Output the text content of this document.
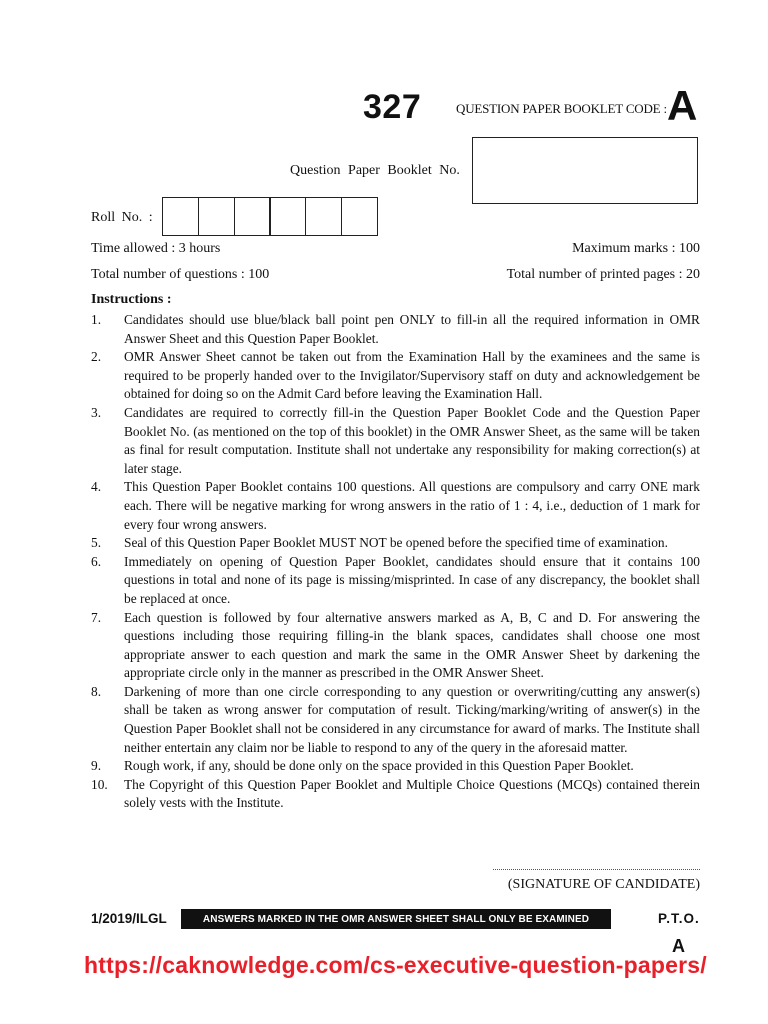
327	QUESTION PAPER BOOKLET CODE : A
Question Paper Booklet No.
Roll No. :
Time allowed : 3 hours	Maximum marks : 100
Total number of questions : 100	Total number of printed pages : 20
Instructions :
1.	Candidates should use blue/black ball point pen ONLY to fill-in all the required information in OMR Answer Sheet and this Question Paper Booklet.
2.	OMR Answer Sheet cannot be taken out from the Examination Hall by the examinees and the same is required to be properly handed over to the Invigilator/Supervisory staff on duty and acknowledgement be obtained for doing so on the Admit Card before leaving the Examination Hall.
3.	Candidates are required to correctly fill-in the Question Paper Booklet Code and the Question Paper Booklet No. (as mentioned on the top of this booklet) in the OMR Answer Sheet, as the same will be taken as final for result computation. Institute shall not undertake any responsibility for making correction(s) at later stage.
4.	This Question Paper Booklet contains 100 questions. All questions are compulsory and carry ONE mark each. There will be negative marking for wrong answers in the ratio of 1 : 4, i.e., deduction of 1 mark for every four wrong answers.
5.	Seal of this Question Paper Booklet MUST NOT be opened before the specified time of examination.
6.	Immediately on opening of Question Paper Booklet, candidates should ensure that it contains 100 questions in total and none of its page is missing/misprinted. In case of any discrepancy, the booklet shall be replaced at once.
7.	Each question is followed by four alternative answers marked as A, B, C and D. For answering the questions including those requiring filling-in the blank spaces, candidates shall choose one most appropriate answer to each question and mark the same in the OMR Answer Sheet by darkening the appropriate circle only in the manner as prescribed in the OMR Answer Sheet.
8.	Darkening of more than one circle corresponding to any question or overwriting/cutting any answer(s) shall be taken as wrong answer for computation of result. Ticking/marking/writing of answer(s) in the Question Paper Booklet shall not be considered in any circumstance for award of marks. The Institute shall neither entertain any claim nor be liable to respond to any of the query in the aforesaid matter.
9.	Rough work, if any, should be done only on the space provided in this Question Paper Booklet.
10.	The Copyright of this Question Paper Booklet and Multiple Choice Questions (MCQs) contained therein solely vests with the Institute.
(SIGNATURE OF CANDIDATE)
1/2019/ILGL	ANSWERS MARKED IN THE OMR ANSWER SHEET SHALL ONLY BE EXAMINED	P.T.O.
A
https://caknowledge.com/cs-executive-question-papers/
